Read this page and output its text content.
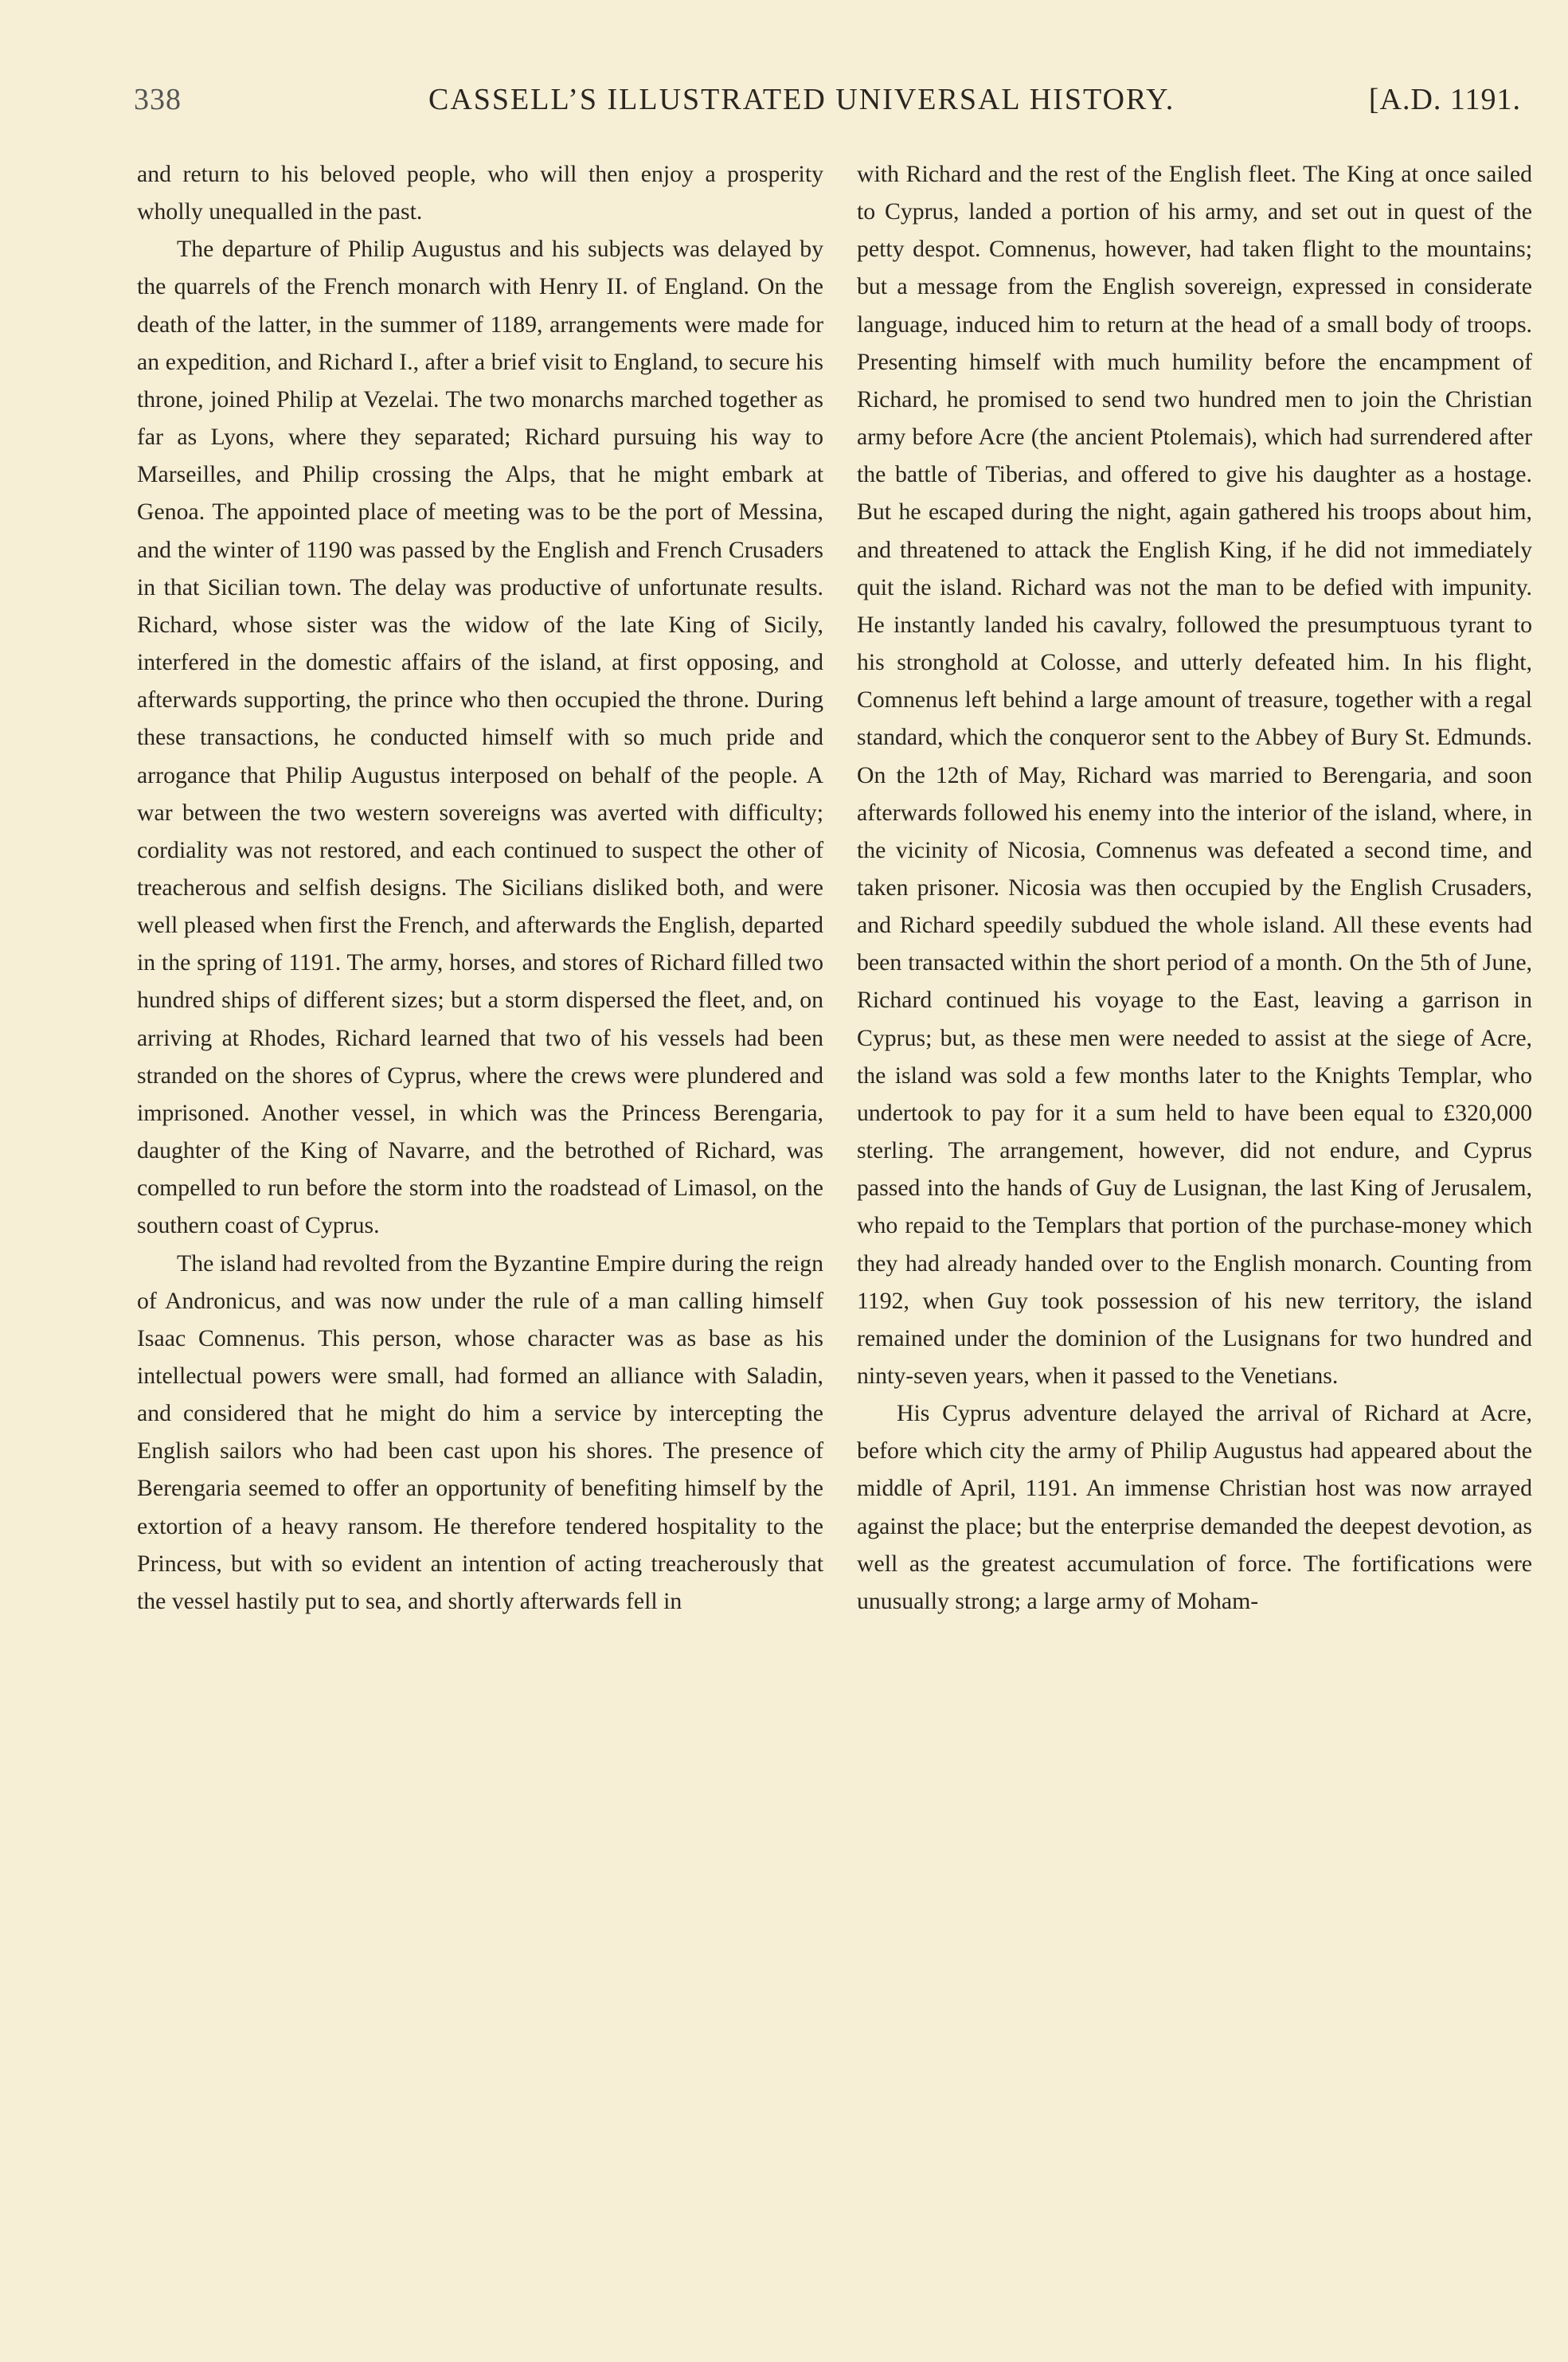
338	CASSELL’S ILLUSTRATED UNIVERSAL HISTORY.	[A.D. 1191.

and return to his beloved people, who will then enjoy a prosperity wholly unequalled in the past.

The departure of Philip Augustus and his subjects was delayed by the quarrels of the French monarch with Henry II. of England. On the death of the latter, in the summer of 1189, arrangements were made for an expedition, and Richard I., after a brief visit to England, to secure his throne, joined Philip at Vezelai. The two monarchs marched together as far as Lyons, where they separated; Richard pursuing his way to Marseilles, and Philip crossing the Alps, that he might embark at Genoa. The appointed place of meeting was to be the port of Messina, and the winter of 1190 was passed by the English and French Crusaders in that Sicilian town. The delay was productive of unfortunate results. Richard, whose sister was the widow of the late King of Sicily, interfered in the domestic affairs of the island, at first opposing, and afterwards supporting, the prince who then occupied the throne. During these transactions, he conducted himself with so much pride and arrogance that Philip Augustus interposed on behalf of the people. A war between the two western sovereigns was averted with difficulty; cordiality was not restored, and each continued to suspect the other of treacherous and selfish designs. The Sicilians disliked both, and were well pleased when first the French, and afterwards the English, departed in the spring of 1191. The army, horses, and stores of Richard filled two hundred ships of different sizes; but a storm dispersed the fleet, and, on arriving at Rhodes, Richard learned that two of his vessels had been stranded on the shores of Cyprus, where the crews were plundered and imprisoned. Another vessel, in which was the Princess Berengaria, daughter of the King of Navarre, and the betrothed of Richard, was compelled to run before the storm into the roadstead of Limasol, on the southern coast of Cyprus.

The island had revolted from the Byzantine Empire during the reign of Andronicus, and was now under the rule of a man calling himself Isaac Comnenus. This person, whose character was as base as his intellectual powers were small, had formed an alliance with Saladin, and considered that he might do him a service by intercepting the English sailors who had been cast upon his shores. The presence of Berengaria seemed to offer an opportunity of benefiting himself by the extortion of a heavy ransom. He therefore tendered hospitality to the Princess, but with so evident an intention of acting treacherously that the vessel hastily put to sea, and shortly afterwards fell in

with Richard and the rest of the English fleet. The King at once sailed to Cyprus, landed a portion of his army, and set out in quest of the petty despot. Comnenus, however, had taken flight to the mountains; but a message from the English sovereign, expressed in considerate language, induced him to return at the head of a small body of troops. Presenting himself with much humility before the encampment of Richard, he promised to send two hundred men to join the Christian army before Acre (the ancient Ptolemais), which had surrendered after the battle of Tiberias, and offered to give his daughter as a hostage. But he escaped during the night, again gathered his troops about him, and threatened to attack the English King, if he did not immediately quit the island. Richard was not the man to be defied with impunity. He instantly landed his cavalry, followed the presumptuous tyrant to his stronghold at Colosse, and utterly defeated him. In his flight, Comnenus left behind a large amount of treasure, together with a regal standard, which the conqueror sent to the Abbey of Bury St. Edmunds. On the 12th of May, Richard was married to Berengaria, and soon afterwards followed his enemy into the interior of the island, where, in the vicinity of Nicosia, Comnenus was defeated a second time, and taken prisoner. Nicosia was then occupied by the English Crusaders, and Richard speedily subdued the whole island. All these events had been transacted within the short period of a month. On the 5th of June, Richard continued his voyage to the East, leaving a garrison in Cyprus; but, as these men were needed to assist at the siege of Acre, the island was sold a few months later to the Knights Templar, who undertook to pay for it a sum held to have been equal to £320,000 sterling. The arrangement, however, did not endure, and Cyprus passed into the hands of Guy de Lusignan, the last King of Jerusalem, who repaid to the Templars that portion of the purchase-money which they had already handed over to the English monarch. Counting from 1192, when Guy took possession of his new territory, the island remained under the dominion of the Lusignans for two hundred and ninty-seven years, when it passed to the Venetians.

His Cyprus adventure delayed the arrival of Richard at Acre, before which city the army of Philip Augustus had appeared about the middle of April, 1191. An immense Christian host was now arrayed against the place; but the enterprise demanded the deepest devotion, as well as the greatest accumulation of force. The fortifications were unusually strong; a large army of Moham-
